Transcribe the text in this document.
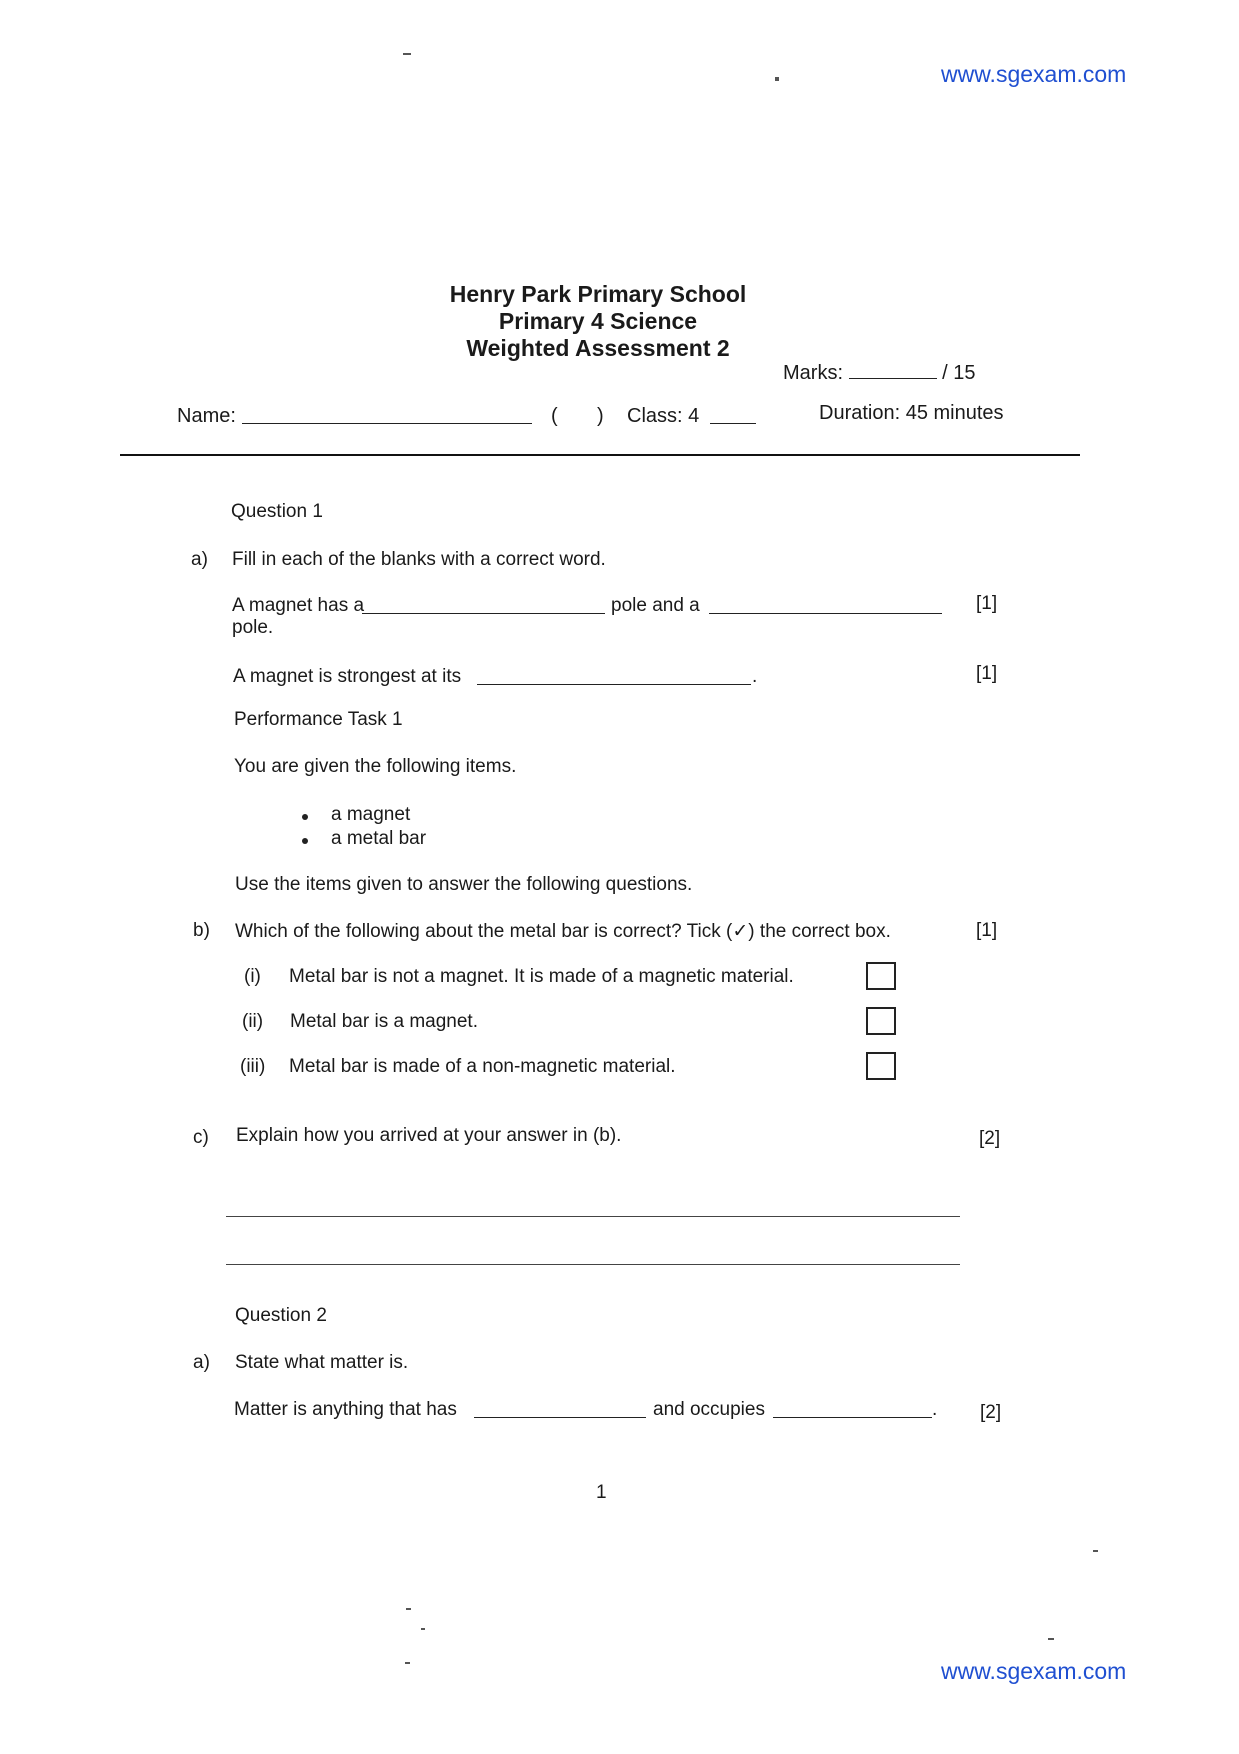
www.sgexam.com
www.sgexam.com
Henry Park Primary School
Primary 4 Science
Weighted Assessment 2
Marks:	/ 15
Name:	( ) Class: 4	Duration: 45 minutes
Question 1
a) Fill in each of the blanks with a correct word.
A magnet has a	pole and a	[1]
pole.
A magnet is strongest at its	.	[1]
Performance Task 1
You are given the following items.
a magnet
a metal bar
Use the items given to answer the following questions.
b) Which of the following about the metal bar is correct? Tick (✓) the correct box.	[1]
(i) Metal bar is not a magnet. It is made of a magnetic material.
(ii) Metal bar is a magnet.
(iii) Metal bar is made of a non-magnetic material.
c) Explain how you arrived at your answer in (b).	[2]
Question 2
a) State what matter is.
Matter is anything that has	and occupies	. [2]
1
